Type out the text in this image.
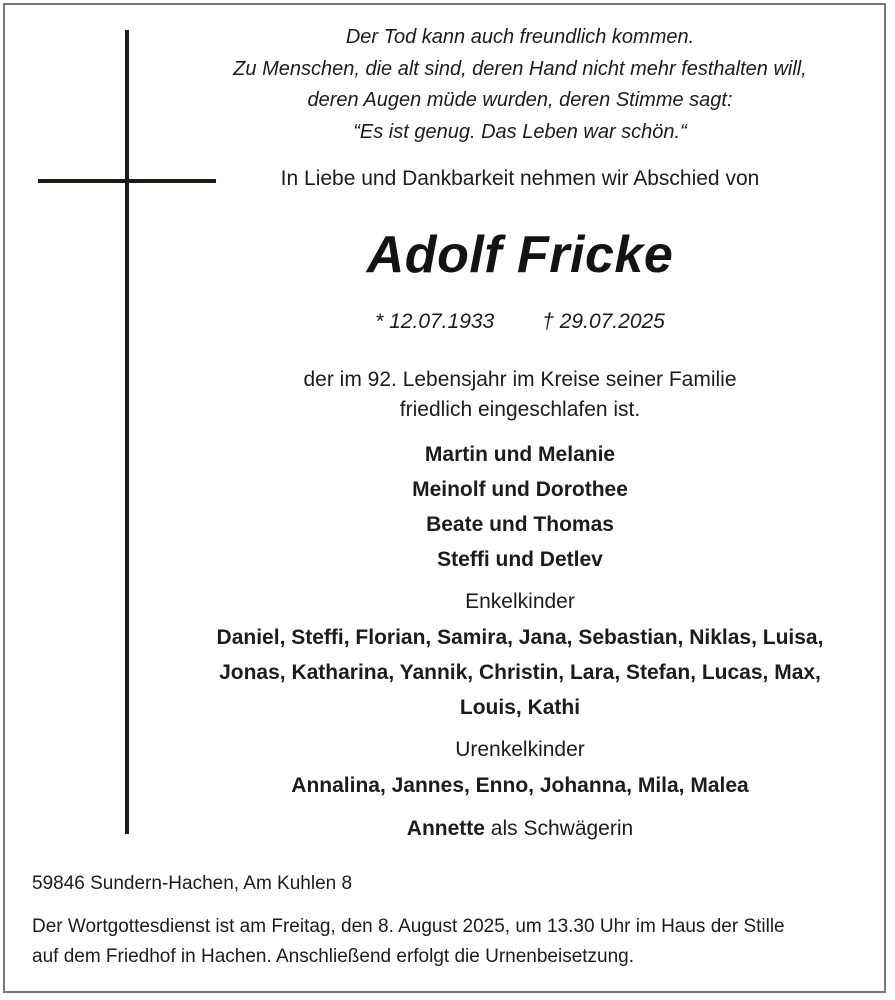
Der Tod kann auch freundlich kommen.
Zu Menschen, die alt sind, deren Hand nicht mehr festhalten will,
deren Augen müde wurden, deren Stimme sagt:
“Es ist genug. Das Leben war schön.“
In Liebe und Dankbarkeit nehmen wir Abschied von
Adolf Fricke
* 12.07.1933 † 29.07.2025
der im 92. Lebensjahr im Kreise seiner Familie
friedlich eingeschlafen ist.
Martin und Melanie
Meinolf und Dorothee
Beate und Thomas
Steffi und Detlev
Enkelkinder
Daniel, Steffi, Florian, Samira, Jana, Sebastian, Niklas, Luisa,
Jonas, Katharina, Yannik, Christin, Lara, Stefan, Lucas, Max,
Louis, Kathi
Urenkelkinder
Annalina, Jannes, Enno, Johanna, Mila, Malea
Annette als Schwägerin
59846 Sundern-Hachen, Am Kuhlen 8
Der Wortgottesdienst ist am Freitag, den 8. August 2025, um 13.30 Uhr im Haus der Stille
auf dem Friedhof in Hachen. Anschließend erfolgt die Urnenbeisetzung.
